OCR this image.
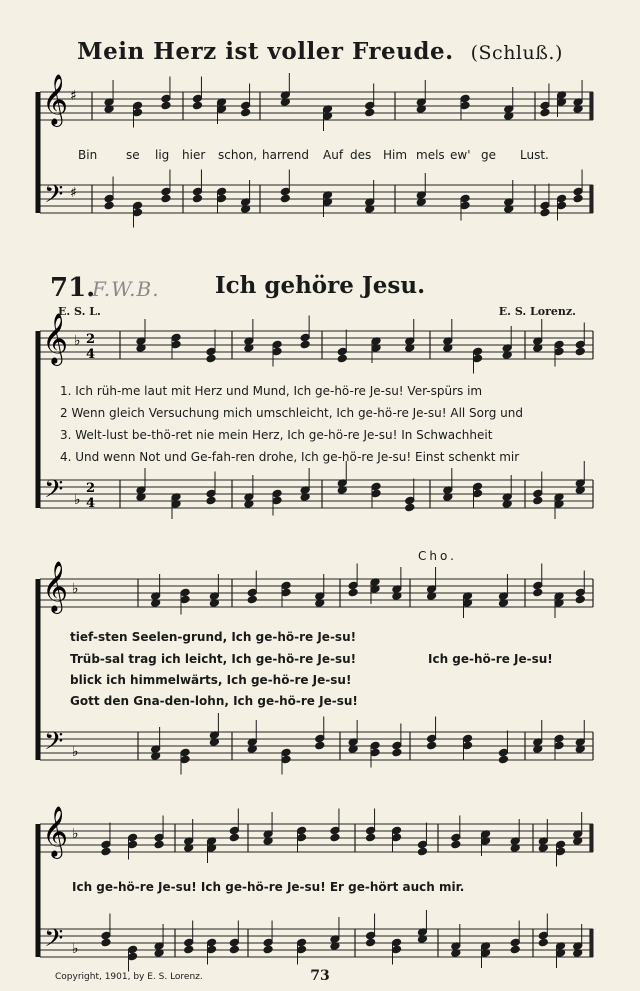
𝄞 ♯
𝄢 ♯
𝄞 ♭ 2
4
𝄢 ♭
2
4
𝄞 ♭
𝄢 ♭
𝄞 ♭
𝄢 ♭
Mein Herz ist voller Freude. (Schluß.)
Bin se lig hier schon, harrend Auf des Him mels ew' ge Lust.
71.
F.W.B.	Ich gehöre Jesu.
E. S. L.	E. S. Lorenz.
1. Ich rüh-me laut mit Herz und Mund, Ich ge-hö-re Je-su! Ver-spürs im
2 Wenn gleich Versuchung mich umschleicht, Ich ge-hö-re Je-su! All Sorg und
3. Welt-lust be-thö-ret nie mein Herz, Ich ge-hö-re Je-su! In Schwachheit
4. Und wenn Not und Ge-fah-ren drohe, Ich ge-hö-re Je-su! Einst schenkt mir
Cho.
tief-sten Seelen-grund, Ich ge-hö-re Je-su!
Trüb-sal trag ich leicht, Ich ge-hö-re Je-su!
blick ich himmelwärts, Ich ge-hö-re Je-su!
Gott den Gna-den-lohn, Ich ge-hö-re Je-su!
Ich ge-hö-re Je-su!
Ich ge-hö-re Je-su! Ich ge-hö-re Je-su! Er ge-hört auch mir.
Copyright, 1901, by E. S. Lorenz.	73
